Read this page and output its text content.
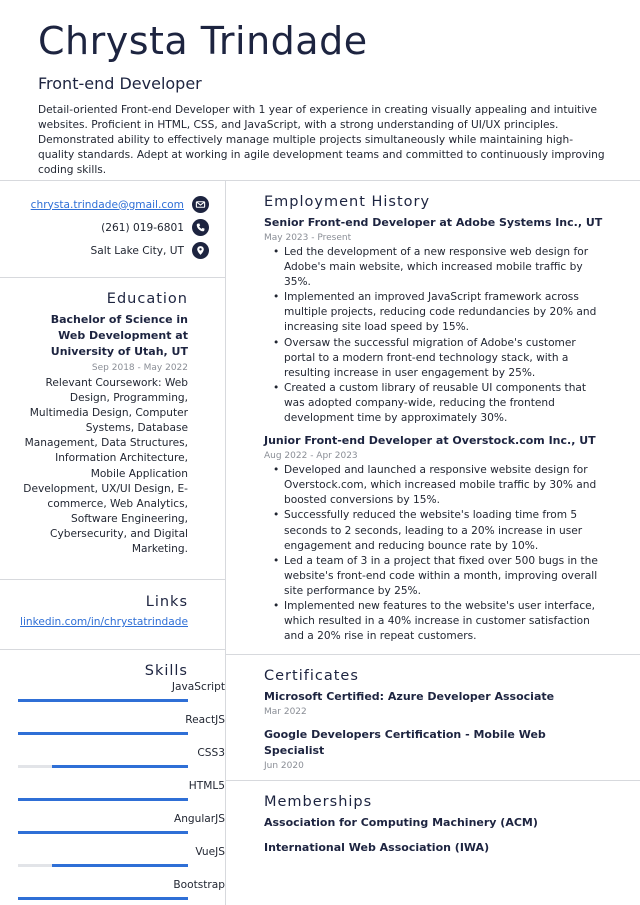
Chrysta Trindade
Front-end Developer

Detail-oriented Front-end Developer with 1 year of experience in creating visually appealing and intuitive websites. Proficient in HTML, CSS, and JavaScript, with a strong understanding of UI/UX principles. Demonstrated ability to effectively manage multiple projects simultaneously while maintaining high-quality standards. Adept at working in agile development teams and committed to continuously improving coding skills.

chrysta.trindade@gmail.com
(261) 019-6801
Salt Lake City, UT
Education
Bachelor of Science in Web Development at University of Utah, UT
Sep 2018 - May 2022
Relevant Coursework: Web Design, Programming, Multimedia Design, Computer Systems, Database Management, Data Structures, Information Architecture, Mobile Application Development, UX/UI Design, E-commerce, Web Analytics, Software Engineering, Cybersecurity, and Digital Marketing.
Links
linkedin.com/in/chrystatrindade
Skills
JavaScript
ReactJS
CSS3
HTML5
AngularJS
VueJS
Bootstrap
Employment History
Senior Front-end Developer at Adobe Systems Inc., UT
May 2023 - Present
• Led the development of a new responsive web design for Adobe's main website, which increased mobile traffic by 35%.
• Implemented an improved JavaScript framework across multiple projects, reducing code redundancies by 20% and increasing site load speed by 15%.
• Oversaw the successful migration of Adobe's customer portal to a modern front-end technology stack, with a resulting increase in user engagement by 25%.
• Created a custom library of reusable UI components that was adopted company-wide, reducing the frontend development time by approximately 30%.
Junior Front-end Developer at Overstock.com Inc., UT
Aug 2022 - Apr 2023
• Developed and launched a responsive website design for Overstock.com, which increased mobile traffic by 30% and boosted conversions by 15%.
• Successfully reduced the website's loading time from 5 seconds to 2 seconds, leading to a 20% increase in user engagement and reducing bounce rate by 10%.
• Led a team of 3 in a project that fixed over 500 bugs in the website's front-end code within a month, improving overall site performance by 25%.
• Implemented new features to the website's user interface, which resulted in a 40% increase in customer satisfaction and a 20% rise in repeat customers.
Certificates
Microsoft Certified: Azure Developer Associate
Mar 2022
Google Developers Certification - Mobile Web Specialist
Jun 2020
Memberships
Association for Computing Machinery (ACM)
International Web Association (IWA)
